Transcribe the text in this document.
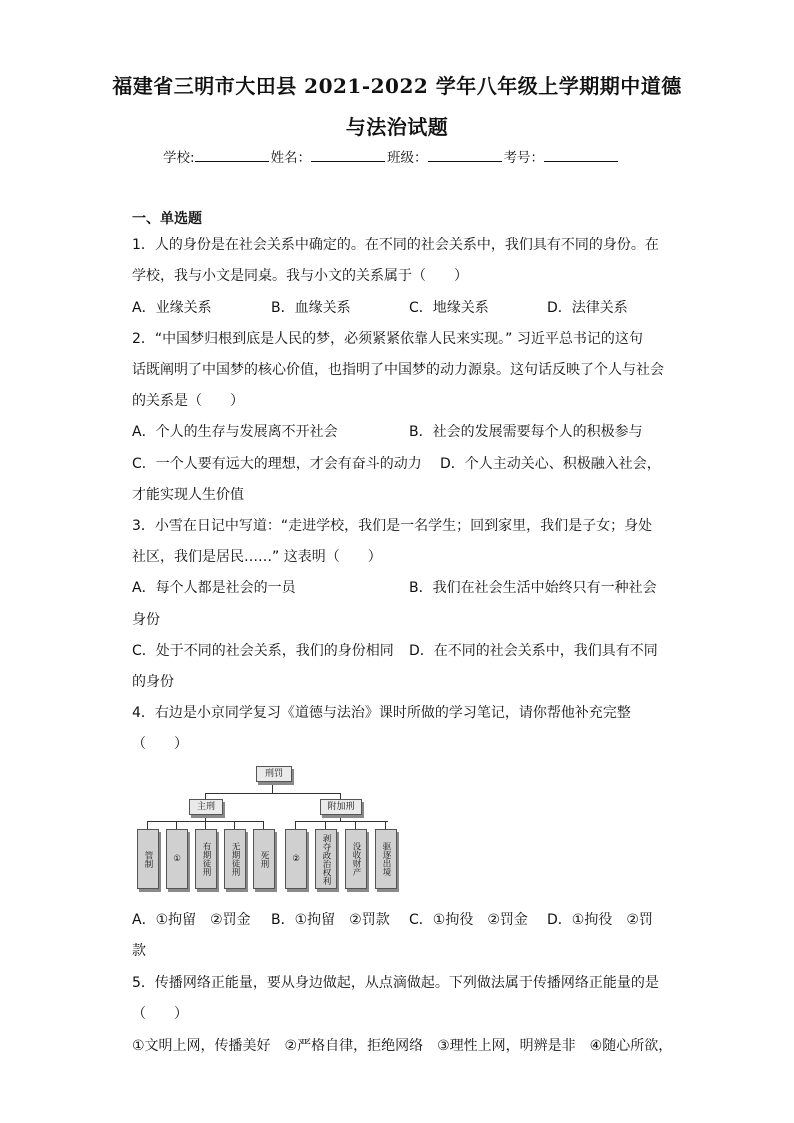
福建省三明市大田县 2021-2022 学年八年级上学期期中道德
与法治试题
学校:	姓名：	班级：	考号：
一、单选题
1．人的身份是在社会关系中确定的。在不同的社会关系中，我们具有不同的身份。在
学校，我与小文是同桌。我与小文的关系属于（　　）
A．业缘关系	B．血缘关系	C．地缘关系	D．法律关系
2．“中国梦归根到底是人民的梦，必须紧紧依靠人民来实现。” 习近平总书记的这句
话既阐明了中国梦的核心价值，也指明了中国梦的动力源泉。这句话反映了个人与社会
的关系是（　　）
A．个人的生存与发展离不开社会	B．社会的发展需要每个人的积极参与
C．一个人要有远大的理想，才会有奋斗的动力 D．个人主动关心、积极融入社会，
才能实现人生价值
3．小雪在日记中写道：“走进学校，我们是一名学生；回到家里，我们是子女；身处
社区，我们是居民……” 这表明（　　）
A．每个人都是社会的一员	B．我们在社会生活中始终只有一种社会
身份
C．处于不同的社会关系，我们的身份相同 D．在不同的社会关系中，我们具有不同
的身份
4．右边是小京同学复习《道德与法治》课时所做的学习笔记，请你帮他补充完整
（　　）
刑罚
主刑	附加刑
管制	①	有期徒刑	无期徒刑	死刑	②	剥夺政治权利	没收财产	驱逐出境
A．①拘留　②罚金 B．①拘留　②罚款 C．①拘役　②罚金 D．①拘役　②罚
款
5．传播网络正能量，要从身边做起，从点滴做起。下列做法属于传播网络正能量的是
（　　）
①文明上网，传播美好　②严格自律，拒绝网络　③理性上网，明辨是非　④随心所欲，
